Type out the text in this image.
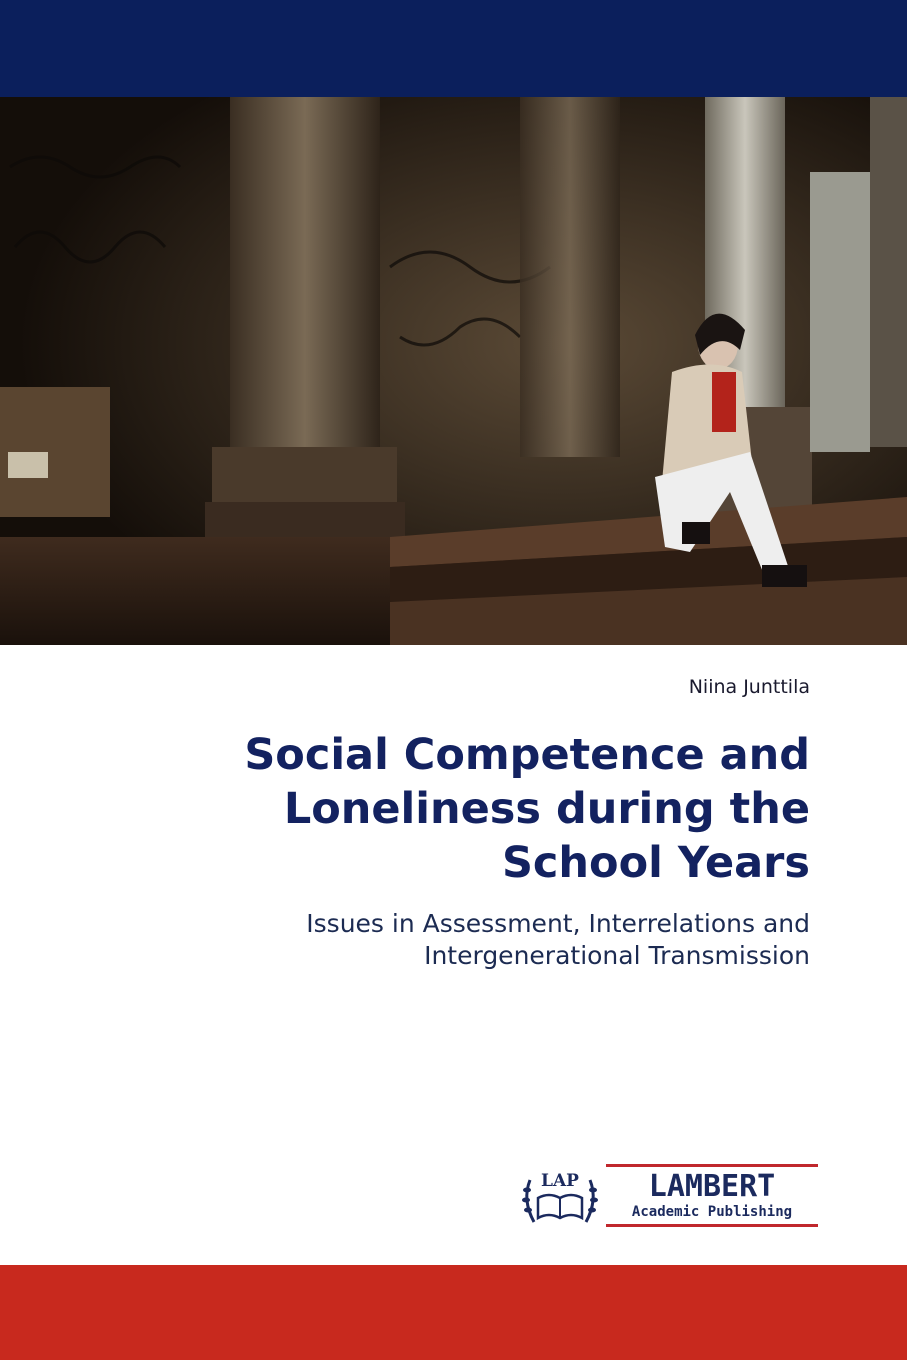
Niina Junttila
Social Competence and
Loneliness during the
School Years
Issues in Assessment, Interrelations and
Intergenerational Transmission
LAP LAMBERT
Academic Publishing
